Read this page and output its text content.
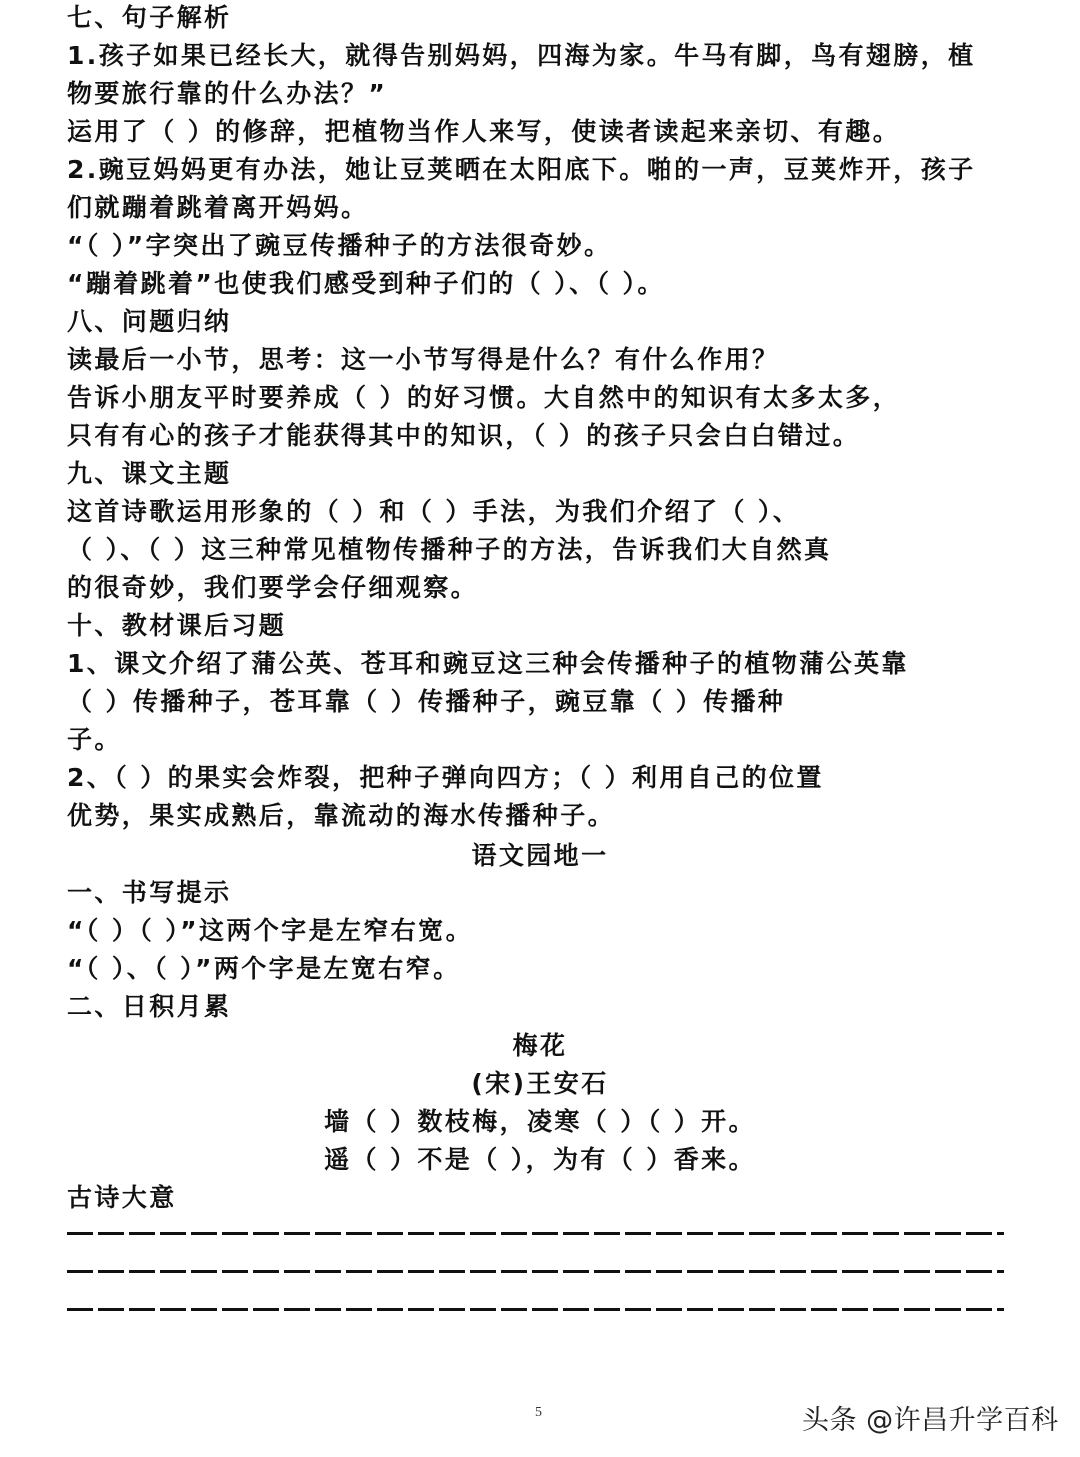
七、句子解析
1.孩子如果已经长大，就得告别妈妈，四海为家。牛马有脚，鸟有翅膀，植
物要旅行靠的什么办法？”
运用了（ ）的修辞，把植物当作人来写，使读者读起来亲切、有趣。
2.豌豆妈妈更有办法，她让豆荚晒在太阳底下。啪的一声，豆荚炸开，孩子
们就蹦着跳着离开妈妈。
“（ ）”字突出了豌豆传播种子的方法很奇妙。
“蹦着跳着”也使我们感受到种子们的（ ）、（ ）。
八、问题归纳
读最后一小节，思考：这一小节写得是什么？有什么作用？
告诉小朋友平时要养成（ ）的好习惯。大自然中的知识有太多太多，
只有有心的孩子才能获得其中的知识，（ ）的孩子只会白白错过。
九、课文主题
这首诗歌运用形象的（ ）和（ ）手法，为我们介绍了（ ）、
（ ）、（ ）这三种常见植物传播种子的方法，告诉我们大自然真
的很奇妙，我们要学会仔细观察。
十、教材课后习题
1、课文介绍了蒲公英、苍耳和豌豆这三种会传播种子的植物蒲公英靠
（ ）传播种子，苍耳靠（ ）传播种子，豌豆靠（ ）传播种
子。
2、（ ）的果实会炸裂，把种子弹向四方；（ ）利用自己的位置
优势，果实成熟后，靠流动的海水传播种子。
语文园地一
一、书写提示
“（ ）（ ）”这两个字是左窄右宽。
“（ ）、（ ）”两个字是左宽右窄。
二、日积月累
梅花
(宋)王安石
墙（ ）数枝梅，凌寒（ ）（ ）开。
遥（ ）不是（ ），为有（ ）香来。
古诗大意
5	头条 @许昌升学百科
